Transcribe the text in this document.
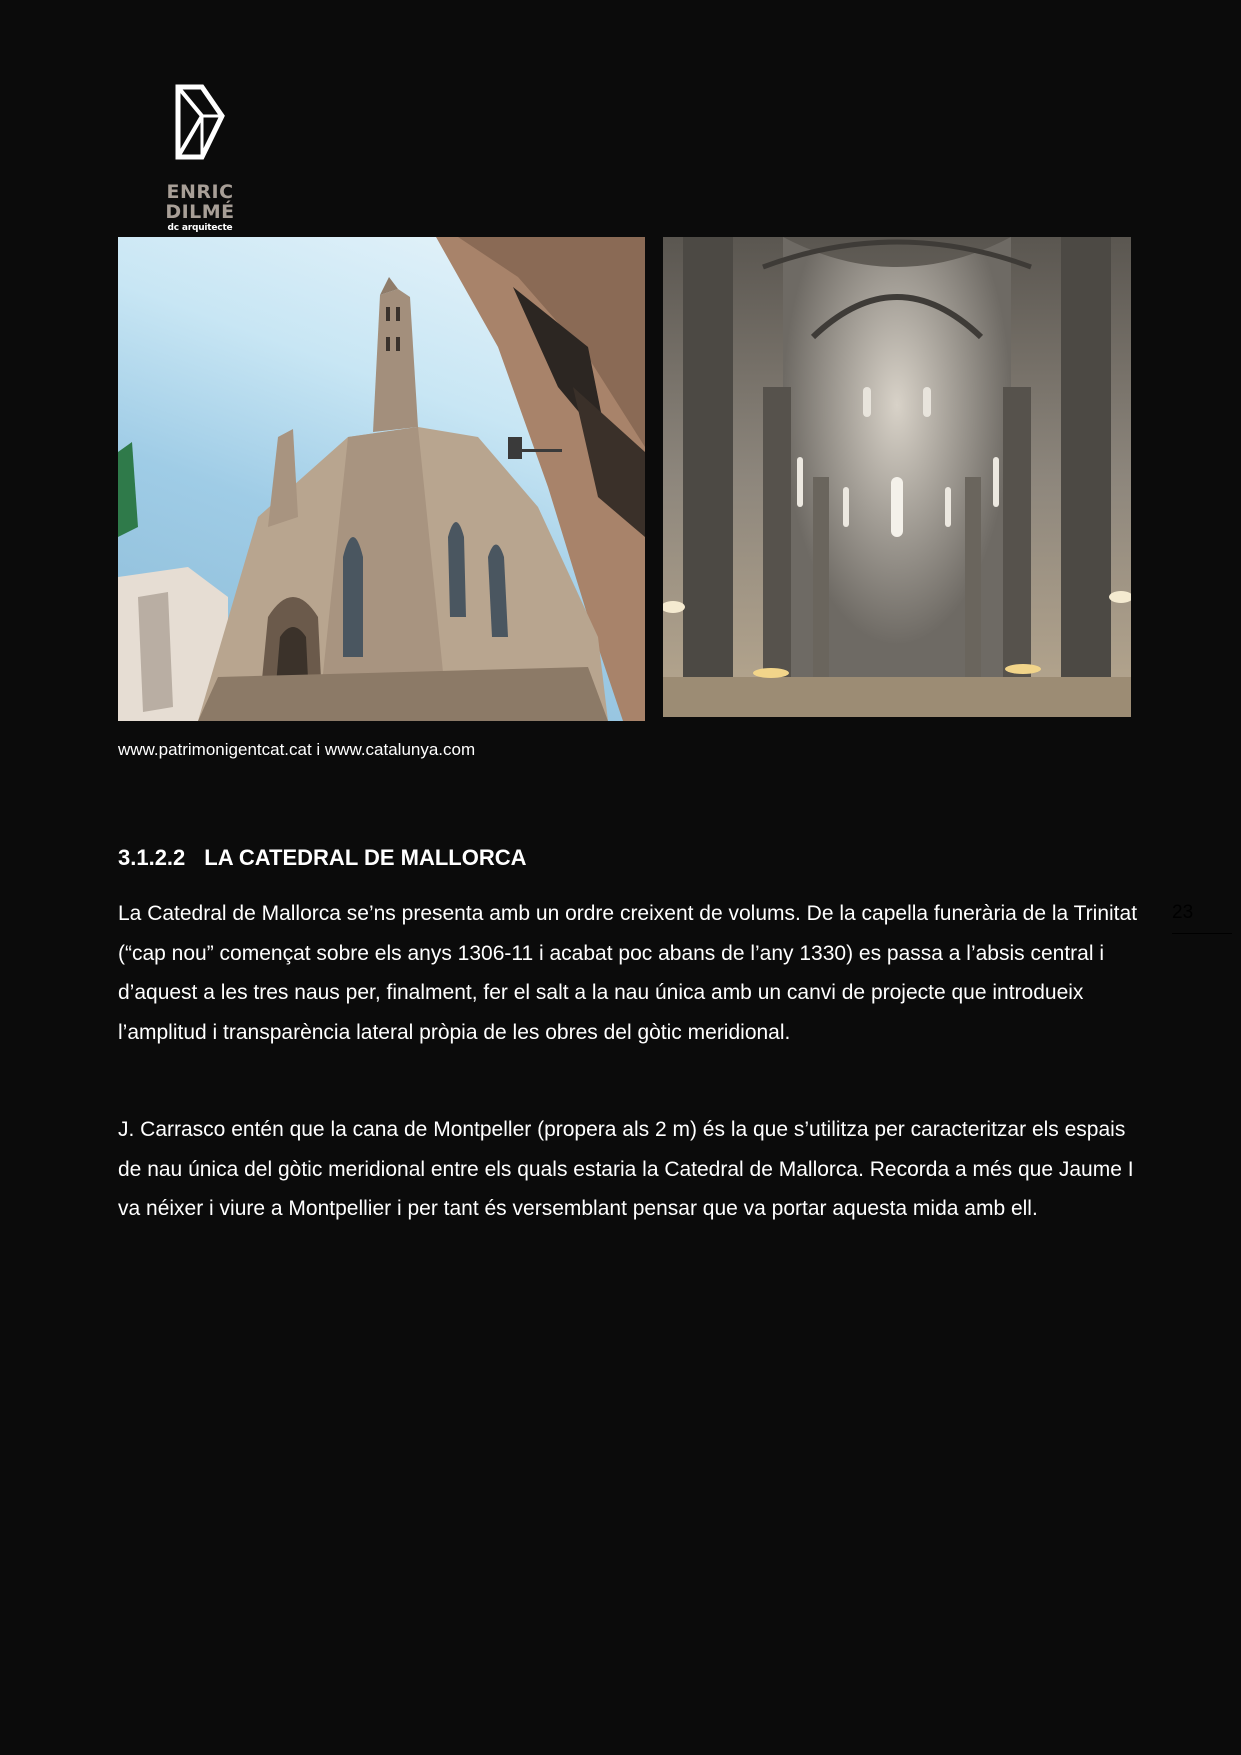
ENRIC DILMÉ
dc arquitecte
www.patrimonigentcat.cat i www.catalunya.com
3.1.2.2 LA CATEDRAL DE MALLORCA

La Catedral de Mallorca se’ns presenta amb un ordre creixent de volums. De la capella funerària de la Trinitat (“cap nou” començat sobre els anys 1306-11 i acabat poc abans de l’any 1330) es passa a l’absis central i d’aquest a les tres naus per, finalment, fer el salt a la nau única amb un canvi de projecte que introdueix l’amplitud i transparència lateral pròpia de les obres del gòtic meridional.

J. Carrasco entén que la cana de Montpeller (propera als 2 m) és la que s’utilitza per caracteritzar els espais de nau única del gòtic meridional entre els quals estaria la Catedral de Mallorca. Recorda a més que Jaume I va néixer i viure a Montpellier i per tant és versemblant pensar que va portar aquesta mida amb ell.

23
